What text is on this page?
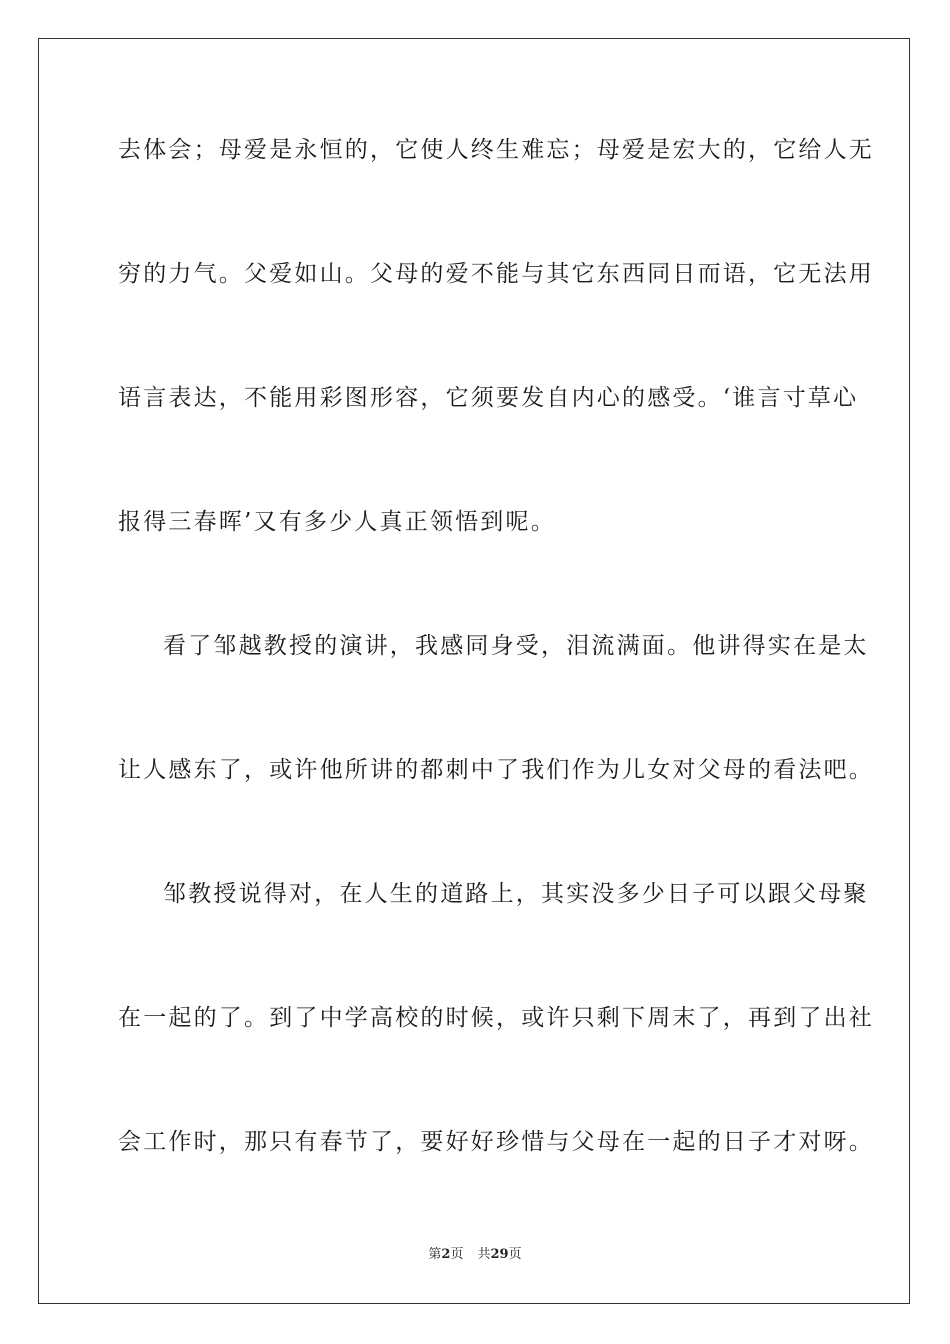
去体会；母爱是永恒的，它使人终生难忘；母爱是宏大的，它给人无
穷的力气。父爱如山。父母的爱不能与其它东西同日而语，它无法用
语言表达，不能用彩图形容，它须要发自内心的感受。‘谁言寸草心
报得三春晖’又有多少人真正领悟到呢。
看了邹越教授的演讲，我感同身受，泪流满面。他讲得实在是太
让人感东了，或许他所讲的都刺中了我们作为儿女对父母的看法吧。
邹教授说得对，在人生的道路上，其实没多少日子可以跟父母聚
在一起的了。到了中学高校的时候，或许只剩下周末了，再到了出社
会工作时，那只有春节了，要好好珍惜与父母在一起的日子才对呀。
第2页 共29页
